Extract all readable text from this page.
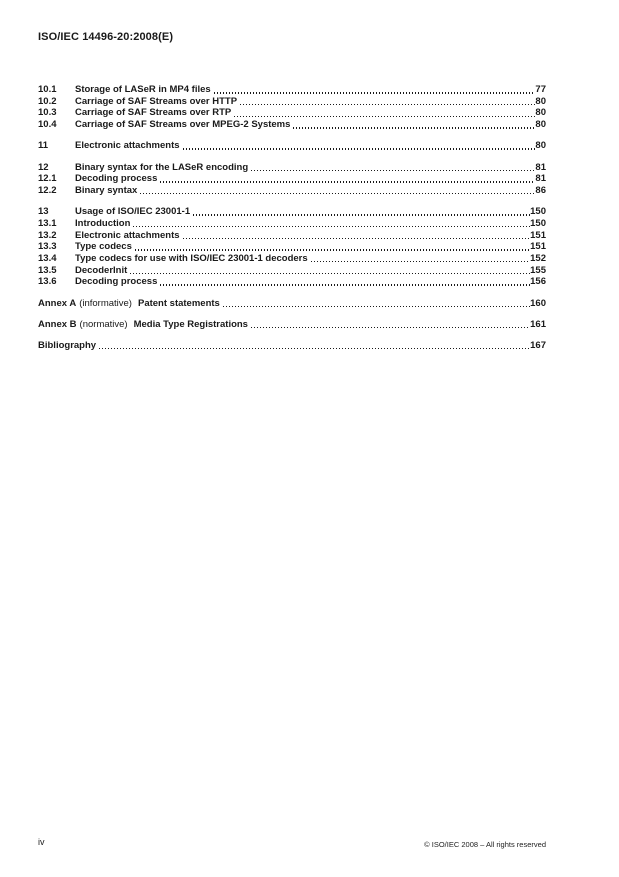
ISO/IEC 14496-20:2008(E)
10.1	Storage of LASeR in MP4 files	77
10.2	Carriage of SAF Streams over HTTP	80
10.3	Carriage of SAF Streams over RTP	80
10.4	Carriage of SAF Streams over MPEG-2 Systems	80
11	Electronic attachments	80
12	Binary syntax for the LASeR encoding	81
12.1	Decoding process	81
12.2	Binary syntax	86
13	Usage of ISO/IEC 23001-1	150
13.1	Introduction	150
13.2	Electronic attachments	151
13.3	Type codecs	151
13.4	Type codecs for use with ISO/IEC 23001-1 decoders	152
13.5	DecoderInit	155
13.6	Decoding process	156
Annex A (informative) Patent statements	160
Annex B (normative) Media Type Registrations	161
Bibliography	167
iv	© ISO/IEC 2008 – All rights reserved
